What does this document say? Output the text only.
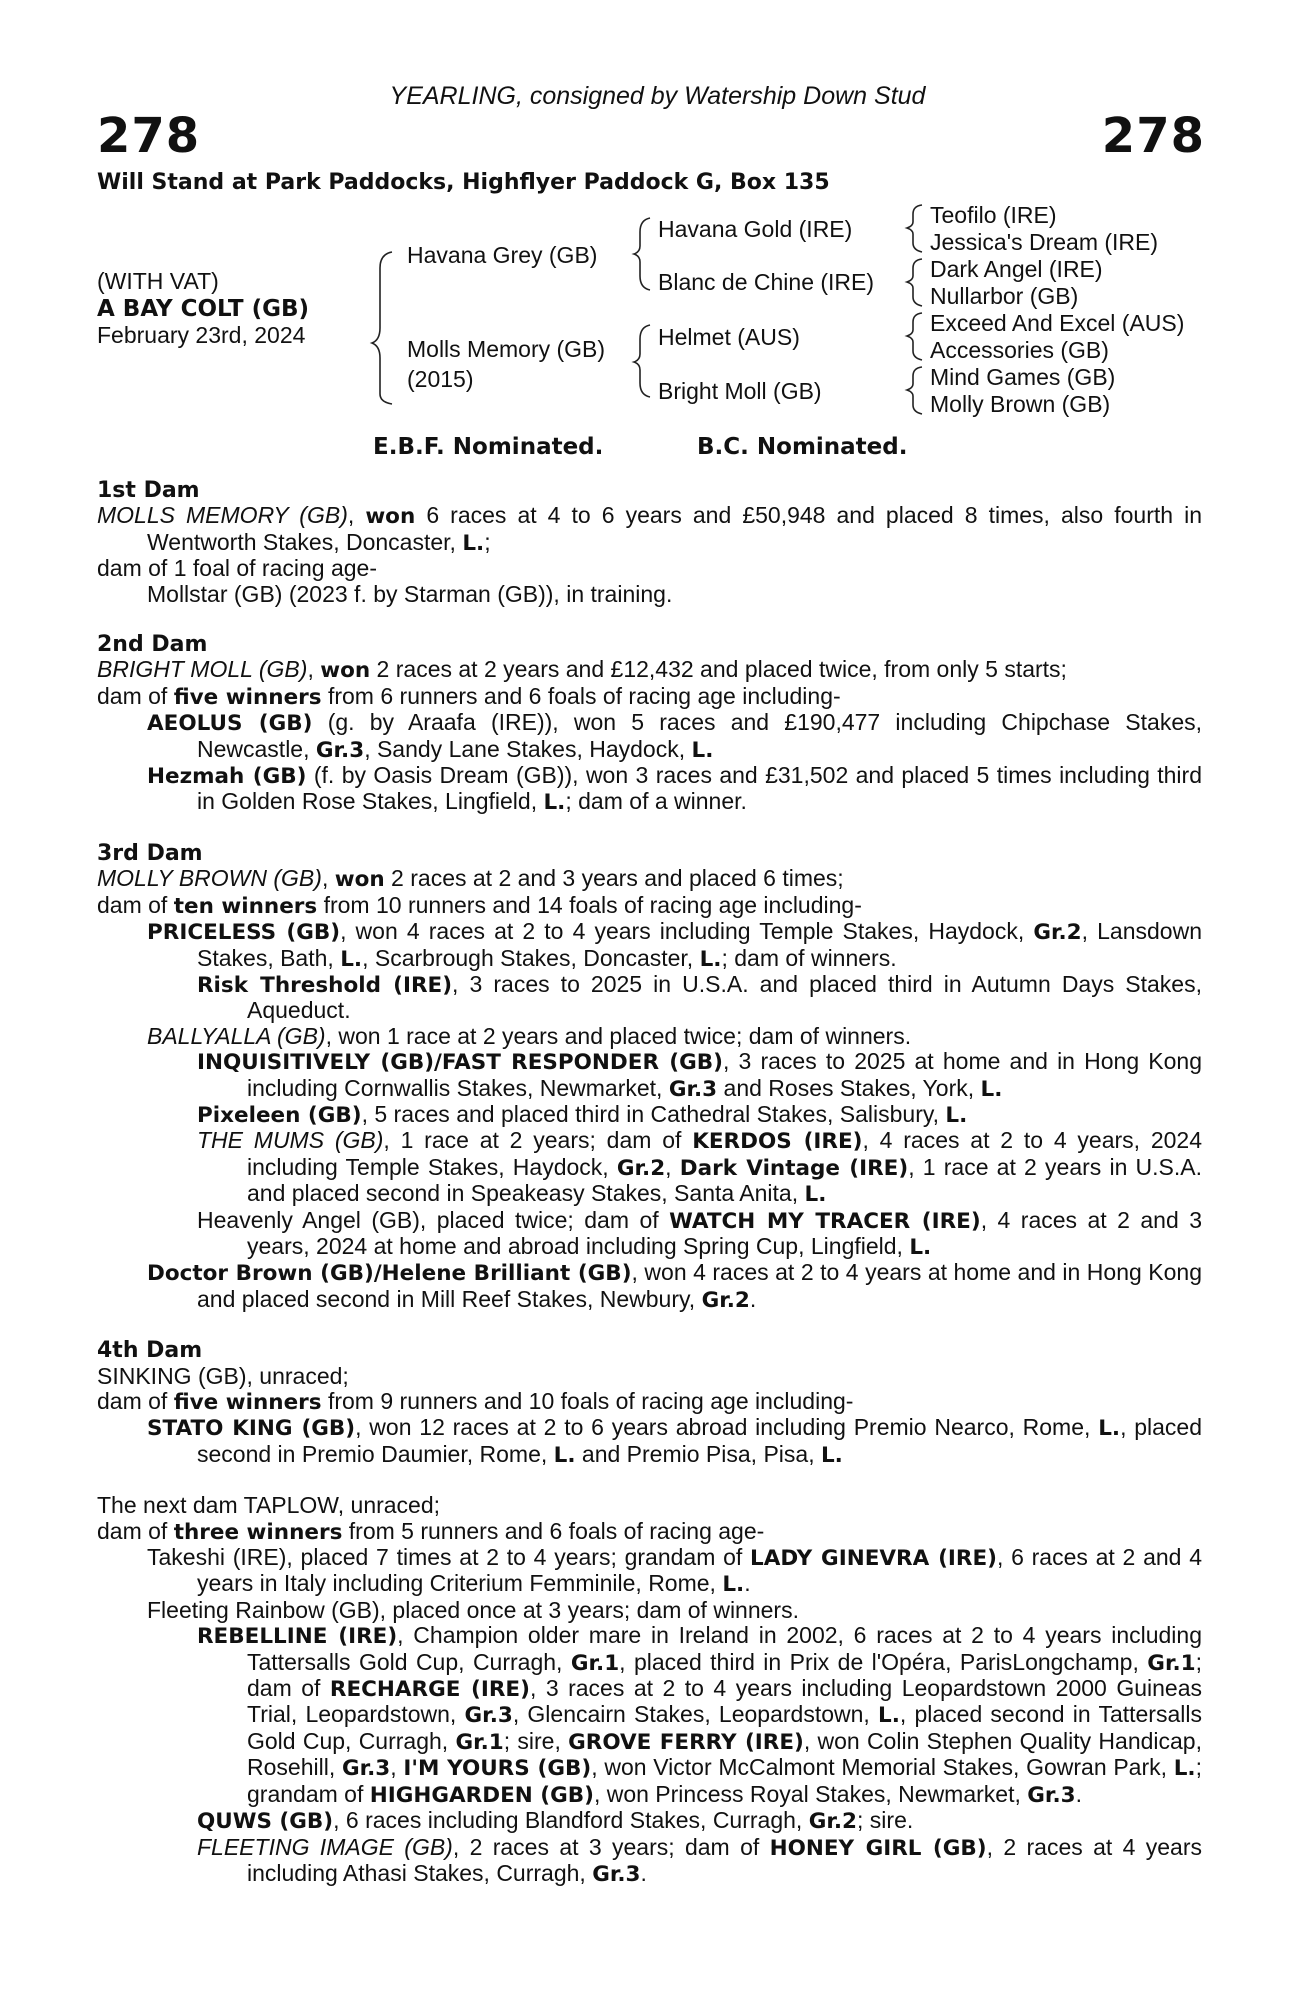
YEARLING, consigned by Watership Down Stud
278	278
Will Stand at Park Paddocks, Highflyer Paddock G, Box 135
(WITH VAT)
A BAY COLT (GB)
February 23rd, 2024
Havana Grey (GB)
Molls Memory (GB)
(2015)
Havana Gold (IRE)
Blanc de Chine (IRE)
Helmet (AUS)
Bright Moll (GB)
Teofilo (IRE)
Jessica's Dream (IRE)
Dark Angel (IRE)
Nullarbor (GB)
Exceed And Excel (AUS)
Accessories (GB)
Mind Games (GB)
Molly Brown (GB)
E.B.F. Nominated.	B.C. Nominated.

1st Dam

MOLLS MEMORY (GB), won 6 races at 4 to 6 years and £50,948 and placed 8 times, also fourth in Wentworth Stakes, Doncaster, L.;

dam of 1 foal of racing age-

Mollstar (GB) (2023 f. by Starman (GB)), in training.

2nd Dam

BRIGHT MOLL (GB), won 2 races at 2 years and £12,432 and placed twice, from only 5 starts;

dam of five winners from 6 runners and 6 foals of racing age including-

AEOLUS (GB) (g. by Araafa (IRE)), won 5 races and £190,477 including Chipchase Stakes, Newcastle, Gr.3, Sandy Lane Stakes, Haydock, L.

Hezmah (GB) (f. by Oasis Dream (GB)), won 3 races and £31,502 and placed 5 times including third in Golden Rose Stakes, Lingfield, L.; dam of a winner.

3rd Dam

MOLLY BROWN (GB), won 2 races at 2 and 3 years and placed 6 times;

dam of ten winners from 10 runners and 14 foals of racing age including-

PRICELESS (GB), won 4 races at 2 to 4 years including Temple Stakes, Haydock, Gr.2, Lansdown Stakes, Bath, L., Scarbrough Stakes, Doncaster, L.; dam of winners.

Risk Threshold (IRE), 3 races to 2025 in U.S.A. and placed third in Autumn Days Stakes, Aqueduct.

BALLYALLA (GB), won 1 race at 2 years and placed twice; dam of winners.

INQUISITIVELY (GB)/FAST RESPONDER (GB), 3 races to 2025 at home and in Hong Kong including Cornwallis Stakes, Newmarket, Gr.3 and Roses Stakes, York, L.

Pixeleen (GB), 5 races and placed third in Cathedral Stakes, Salisbury, L.

THE MUMS (GB), 1 race at 2 years; dam of KERDOS (IRE), 4 races at 2 to 4 years, 2024 including Temple Stakes, Haydock, Gr.2, Dark Vintage (IRE), 1 race at 2 years in U.S.A. and placed second in Speakeasy Stakes, Santa Anita, L.

Heavenly Angel (GB), placed twice; dam of WATCH MY TRACER (IRE), 4 races at 2 and 3 years, 2024 at home and abroad including Spring Cup, Lingfield, L.

Doctor Brown (GB)/Helene Brilliant (GB), won 4 races at 2 to 4 years at home and in Hong Kong and placed second in Mill Reef Stakes, Newbury, Gr.2.

4th Dam

SINKING (GB), unraced;

dam of five winners from 9 runners and 10 foals of racing age including-

STATO KING (GB), won 12 races at 2 to 6 years abroad including Premio Nearco, Rome, L., placed second in Premio Daumier, Rome, L. and Premio Pisa, Pisa, L.

The next dam TAPLOW, unraced;

dam of three winners from 5 runners and 6 foals of racing age-

Takeshi (IRE), placed 7 times at 2 to 4 years; grandam of LADY GINEVRA (IRE), 6 races at 2 and 4 years in Italy including Criterium Femminile, Rome, L..

Fleeting Rainbow (GB), placed once at 3 years; dam of winners.

REBELLINE (IRE), Champion older mare in Ireland in 2002, 6 races at 2 to 4 years including Tattersalls Gold Cup, Curragh, Gr.1, placed third in Prix de l'Opéra, ParisLongchamp, Gr.1; dam of RECHARGE (IRE), 3 races at 2 to 4 years including Leopardstown 2000 Guineas Trial, Leopardstown, Gr.3, Glencairn Stakes, Leopardstown, L., placed second in Tattersalls Gold Cup, Curragh, Gr.1; sire, GROVE FERRY (IRE), won Colin Stephen Quality Handicap, Rosehill, Gr.3, I'M YOURS (GB), won Victor McCalmont Memorial Stakes, Gowran Park, L.; grandam of HIGHGARDEN (GB), won Princess Royal Stakes, Newmarket, Gr.3.

QUWS (GB), 6 races including Blandford Stakes, Curragh, Gr.2; sire.

FLEETING IMAGE (GB), 2 races at 3 years; dam of HONEY GIRL (GB), 2 races at 4 years including Athasi Stakes, Curragh, Gr.3.
